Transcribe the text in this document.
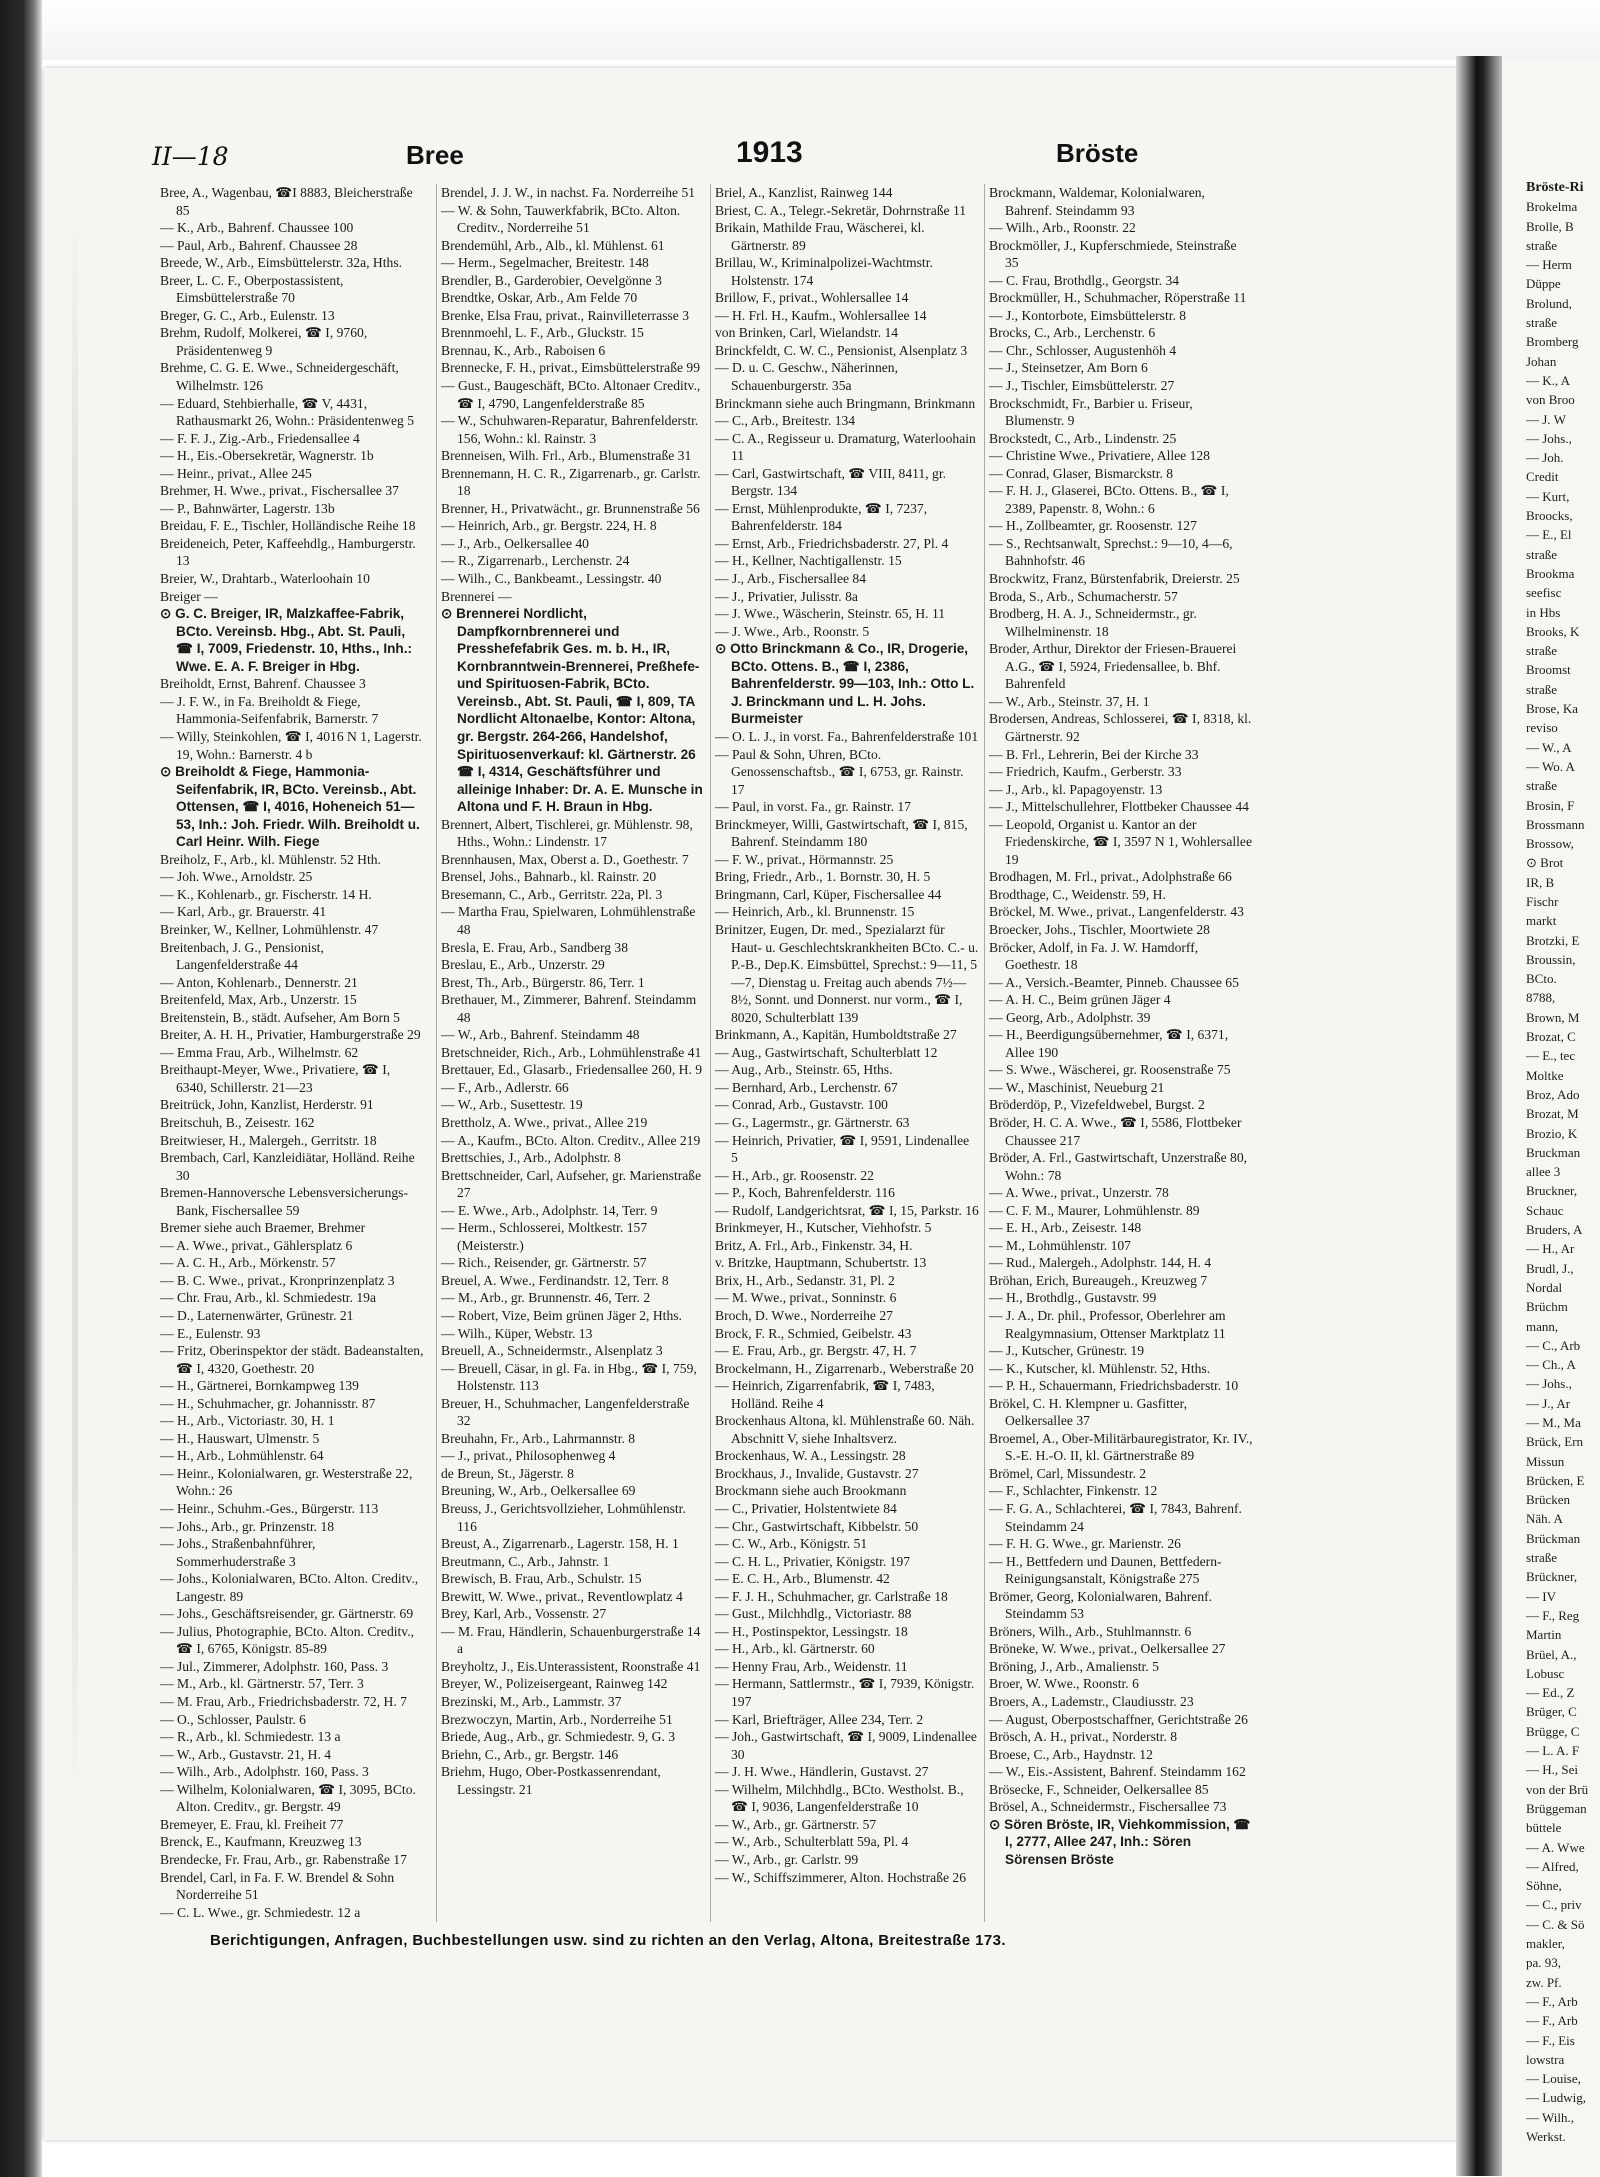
Bröste-Ri
Brokelma
Brolle, B
straße
— Herm
Düppe
Brolund,
straße
Bromberg
Johan
— K., A
von Broo
— J. W
— Johs.,
— Joh.
Credit
— Kurt,
Broocks,
— E., El
straße
Brookma
seefisc
in Hbs
Brooks, K
straße
Broomst
straße
Brose, Ka
reviso
— W., A
— Wo. A
straße
Brosin, F
Brossmann
Brossow,
⊙ Brot
IR, B
Fischr
markt
Brotzki, E
Broussin,
BCto.
8788,
Brown, M
Brozat, C
— E., tec
Moltke
Broz, Ado
Brozat, M
Brozio, K
Bruckman
allee 3
Bruckner,
Schauc
Bruders, A
— H., Ar
Brudl, J.,
Nordal
Brüchm
mann,
— C., Arb
— Ch., A
— Johs.,
— J., Ar
— M., Ma
Brück, Ern
Missun
Brücken, E
Brücken
Näh. A
Brückman
straße
Brückner,
— IV
— F., Reg
Martin
Brüel, A.,
Lobusc
— Ed., Z
Brüger, C
Brügge, C
— L. A. F
— H., Sei
von der Brü
Brüggeman
büttele
— A. Wwe
— Alfred,
Söhne,
— C., priv
— C. & Sö
makler,
pa. 93,
zw. Pf.
— F., Arb
— F., Arb
— F., Eis
lowstra
— Louise,
— Ludwig,
— Wilh.,
Werkst.
II—18	Bree	1913	Bröste
Bree, A., Wagenbau, ☎I 8883, Bleicherstraße 85
— K., Arb., Bahrenf. Chaussee 100
— Paul, Arb., Bahrenf. Chaussee 28
Breede, W., Arb., Eimsbüttelerstr. 32a, Hths.
Breer, L. C. F., Oberpostassistent, Eimsbüttelerstraße 70
Breger, G. C., Arb., Eulenstr. 13
Brehm, Rudolf, Molkerei, ☎ I, 9760, Präsidentenweg 9
Brehme, C. G. E. Wwe., Schneidergeschäft, Wilhelmstr. 126
— Eduard, Stehbierhalle, ☎ V, 4431, Rathausmarkt 26, Wohn.: Präsidentenweg 5
— F. F. J., Zig.-Arb., Friedensallee 4
— H., Eis.-Obersekretär, Wagnerstr. 1b
— Heinr., privat., Allee 245
Brehmer, H. Wwe., privat., Fischersallee 37
— P., Bahnwärter, Lagerstr. 13b
Breidau, F. E., Tischler, Holländische Reihe 18
Breideneich, Peter, Kaffeehdlg., Hamburgerstr. 13
Breier, W., Drahtarb., Waterloohain 10
Breiger —
⊙ G. C. Breiger, IR, Malzkaffee-Fabrik, BCto. Vereinsb. Hbg., Abt. St. Pauli, ☎ I, 7009, Friedenstr. 10, Hths., Inh.: Wwe. E. A. F. Breiger in Hbg.
Breiholdt, Ernst, Bahrenf. Chaussee 3
— J. F. W., in Fa. Breiholdt & Fiege, Hammonia-Seifenfabrik, Barnerstr. 7
— Willy, Steinkohlen, ☎ I, 4016 N 1, Lagerstr. 19, Wohn.: Barnerstr. 4 b
⊙ Breiholdt & Fiege, Hammonia-Seifenfabrik, IR, BCto. Vereinsb., Abt. Ottensen, ☎ I, 4016, Hoheneich 51—53, Inh.: Joh. Friedr. Wilh. Breiholdt u. Carl Heinr. Wilh. Fiege
Breiholz, F., Arb., kl. Mühlenstr. 52 Hth.
— Joh. Wwe., Arnoldstr. 25
— K., Kohlenarb., gr. Fischerstr. 14 H.
— Karl, Arb., gr. Brauerstr. 41
Breinker, W., Kellner, Lohmühlenstr. 47
Breitenbach, J. G., Pensionist, Langenfelderstraße 44
— Anton, Kohlenarb., Dennerstr. 21
Breitenfeld, Max, Arb., Unzerstr. 15
Breitenstein, B., städt. Aufseher, Am Born 5
Breiter, A. H. H., Privatier, Hamburgerstraße 29
— Emma Frau, Arb., Wilhelmstr. 62
Breithaupt-Meyer, Wwe., Privatiere, ☎ I, 6340, Schillerstr. 21—23
Breitrück, John, Kanzlist, Herderstr. 91
Breitschuh, B., Zeisestr. 162
Breitwieser, H., Malergeh., Gerritstr. 18
Brembach, Carl, Kanzleidiätar, Holländ. Reihe 30
Bremen-Hannoversche Lebensversicherungs-Bank, Fischersallee 59
Bremer siehe auch Braemer, Brehmer
— A. Wwe., privat., Gählersplatz 6
— A. C. H., Arb., Mörkenstr. 57
— B. C. Wwe., privat., Kronprinzenplatz 3
— Chr. Frau, Arb., kl. Schmiedestr. 19a
— D., Laternenwärter, Grünestr. 21
— E., Eulenstr. 93
— Fritz, Oberinspektor der städt. Badeanstalten, ☎ I, 4320, Goethestr. 20
— H., Gärtnerei, Bornkampweg 139
— H., Schuhmacher, gr. Johannisstr. 87
— H., Arb., Victoriastr. 30, H. 1
— H., Hauswart, Ulmenstr. 5
— H., Arb., Lohmühlenstr. 64
— Heinr., Kolonialwaren, gr. Westerstraße 22, Wohn.: 26
— Heinr., Schuhm.-Ges., Bürgerstr. 113
— Johs., Arb., gr. Prinzenstr. 18
— Johs., Straßenbahnführer, Sommerhuderstraße 3
— Johs., Kolonialwaren, BCto. Alton. Creditv., Langestr. 89
— Johs., Geschäftsreisender, gr. Gärtnerstr. 69
— Julius, Photographie, BCto. Alton. Creditv., ☎ I, 6765, Königstr. 85-89
— Jul., Zimmerer, Adolphstr. 160, Pass. 3
— M., Arb., kl. Gärtnerstr. 57, Terr. 3
— M. Frau, Arb., Friedrichsbaderstr. 72, H. 7
— O., Schlosser, Paulstr. 6
— R., Arb., kl. Schmiedestr. 13 a
— W., Arb., Gustavstr. 21, H. 4
— Wilh., Arb., Adolphstr. 160, Pass. 3
— Wilhelm, Kolonialwaren, ☎ I, 3095, BCto. Alton. Creditv., gr. Bergstr. 49
Bremeyer, E. Frau, kl. Freiheit 77
Brenck, E., Kaufmann, Kreuzweg 13
Brendecke, Fr. Frau, Arb., gr. Rabenstraße 17
Brendel, Carl, in Fa. F. W. Brendel & Sohn Norderreihe 51
— C. L. Wwe., gr. Schmiedestr. 12 a
Brendel, J. J. W., in nachst. Fa. Norderreihe 51
— W. & Sohn, Tauwerkfabrik, BCto. Alton. Creditv., Norderreihe 51
Brendemühl, Arb., Alb., kl. Mühlenst. 61
— Herm., Segelmacher, Breitestr. 148
Brendler, B., Garderobier, Oevelgönne 3
Brendtke, Oskar, Arb., Am Felde 70
Brenke, Elsa Frau, privat., Rainvilleterrasse 3
Brennmoehl, L. F., Arb., Gluckstr. 15
Brennau, K., Arb., Raboisen 6
Brennecke, F. H., privat., Eimsbüttelerstraße 99
— Gust., Baugeschäft, BCto. Altonaer Creditv., ☎ I, 4790, Langenfelderstraße 85
— W., Schuhwaren-Reparatur, Bahrenfelderstr. 156, Wohn.: kl. Rainstr. 3
Brenneisen, Wilh. Frl., Arb., Blumenstraße 31
Brennemann, H. C. R., Zigarrenarb., gr. Carlstr. 18
Brenner, H., Privatwächt., gr. Brunnenstraße 56
— Heinrich, Arb., gr. Bergstr. 224, H. 8
— J., Arb., Oelkersallee 40
— R., Zigarrenarb., Lerchenstr. 24
— Wilh., C., Bankbeamt., Lessingstr. 40
Brennerei —
⊙ Brennerei Nordlicht, Dampfkornbrennerei und Presshefefabrik Ges. m. b. H., IR, Kornbranntwein-Brennerei, Preßhefe- und Spirituosen-Fabrik, BCto. Vereinsb., Abt. St. Pauli, ☎ I, 809, TA Nordlicht Altonaelbe, Kontor: Altona, gr. Bergstr. 264-266, Handelshof, Spirituosenverkauf: kl. Gärtnerstr. 26 ☎ I, 4314, Geschäftsführer und alleinige Inhaber: Dr. A. E. Munsche in Altona und F. H. Braun in Hbg.
Brennert, Albert, Tischlerei, gr. Mühlenstr. 98, Hths., Wohn.: Lindenstr. 17
Brennhausen, Max, Oberst a. D., Goethestr. 7
Brensel, Johs., Bahnarb., kl. Rainstr. 20
Bresemann, C., Arb., Gerritstr. 22a, Pl. 3
— Martha Frau, Spielwaren, Lohmühlenstraße 48
Bresla, E. Frau, Arb., Sandberg 38
Breslau, E., Arb., Unzerstr. 29
Brest, Th., Arb., Bürgerstr. 86, Terr. 1
Brethauer, M., Zimmerer, Bahrenf. Steindamm 48
— W., Arb., Bahrenf. Steindamm 48
Bretschneider, Rich., Arb., Lohmühlenstraße 41
Brettauer, Ed., Glasarb., Friedensallee 260, H. 9
— F., Arb., Adlerstr. 66
— W., Arb., Susettestr. 19
Brettholz, A. Wwe., privat., Allee 219
— A., Kaufm., BCto. Alton. Creditv., Allee 219
Brettschies, J., Arb., Adolphstr. 8
Brettschneider, Carl, Aufseher, gr. Marienstraße 27
— E. Wwe., Arb., Adolphstr. 14, Terr. 9
— Herm., Schlosserei, Moltkestr. 157 (Meisterstr.)
— Rich., Reisender, gr. Gärtnerstr. 57
Breuel, A. Wwe., Ferdinandstr. 12, Terr. 8
— M., Arb., gr. Brunnenstr. 46, Terr. 2
— Robert, Vize, Beim grünen Jäger 2, Hths.
— Wilh., Küper, Webstr. 13
Breuell, A., Schneidermstr., Alsenplatz 3
— Breuell, Cäsar, in gl. Fa. in Hbg., ☎ I, 759, Holstenstr. 113
Breuer, H., Schuhmacher, Langenfelderstraße 32
Breuhahn, Fr., Arb., Lahrmannstr. 8
— J., privat., Philosophenweg 4
de Breun, St., Jägerstr. 8
Breuning, W., Arb., Oelkersallee 69
Breuss, J., Gerichtsvollzieher, Lohmühlenstr. 116
Breust, A., Zigarrenarb., Lagerstr. 158, H. 1
Breutmann, C., Arb., Jahnstr. 1
Brewisch, B. Frau, Arb., Schulstr. 15
Brewitt, W. Wwe., privat., Reventlowplatz 4
Brey, Karl, Arb., Vossenstr. 27
— M. Frau, Händlerin, Schauenburgerstraße 14 a
Breyholtz, J., Eis.Unterassistent, Roonstraße 41
Breyer, W., Polizeisergeant, Rainweg 142
Brezinski, M., Arb., Lammstr. 37
Brezwoczyn, Martin, Arb., Norderreihe 51
Briede, Aug., Arb., gr. Schmiedestr. 9, G. 3
Briehn, C., Arb., gr. Bergstr. 146
Briehm, Hugo, Ober-Postkassenrendant, Lessingstr. 21
Briel, A., Kanzlist, Rainweg 144
Briest, C. A., Telegr.-Sekretär, Dohrnstraße 11
Brikain, Mathilde Frau, Wäscherei, kl. Gärtnerstr. 89
Brillau, W., Kriminalpolizei-Wachtmstr. Holstenstr. 174
Brillow, F., privat., Wohlersallee 14
— H. Frl. H., Kaufm., Wohlersallee 14
von Brinken, Carl, Wielandstr. 14
Brinckfeldt, C. W. C., Pensionist, Alsenplatz 3
— D. u. C. Geschw., Näherinnen, Schauenburgerstr. 35a
Brinckmann siehe auch Bringmann, Brinkmann
— C., Arb., Breitestr. 134
— C. A., Regisseur u. Dramaturg, Waterloohain 11
— Carl, Gastwirtschaft, ☎ VIII, 8411, gr. Bergstr. 134
— Ernst, Mühlenprodukte, ☎ I, 7237, Bahrenfelderstr. 184
— Ernst, Arb., Friedrichsbaderstr. 27, Pl. 4
— H., Kellner, Nachtigallenstr. 15
— J., Arb., Fischersallee 84
— J., Privatier, Julisstr. 8a
— J. Wwe., Wäscherin, Steinstr. 65, H. 11
— J. Wwe., Arb., Roonstr. 5
⊙ Otto Brinckmann & Co., IR, Drogerie, BCto. Ottens. B., ☎ I, 2386, Bahrenfelderstr. 99—103, Inh.: Otto L. J. Brinckmann und L. H. Johs. Burmeister
— O. L. J., in vorst. Fa., Bahrenfelderstraße 101
— Paul & Sohn, Uhren, BCto. Genossenschaftsb., ☎ I, 6753, gr. Rainstr. 17
— Paul, in vorst. Fa., gr. Rainstr. 17
Brinckmeyer, Willi, Gastwirtschaft, ☎ I, 815, Bahrenf. Steindamm 180
— F. W., privat., Hörmannstr. 25
Bring, Friedr., Arb., 1. Bornstr. 30, H. 5
Bringmann, Carl, Küper, Fischersallee 44
— Heinrich, Arb., kl. Brunnenstr. 15
Brinitzer, Eugen, Dr. med., Spezialarzt für Haut- u. Geschlechtskrankheiten BCto. C.- u. P.-B., Dep.K. Eimsbüttel, Sprechst.: 9—11, 5—7, Dienstag u. Freitag auch abends 7½—8½, Sonnt. und Donnerst. nur vorm., ☎ I, 8020, Schulterblatt 139
Brinkmann, A., Kapitän, Humboldtstraße 27
— Aug., Gastwirtschaft, Schulterblatt 12
— Aug., Arb., Steinstr. 65, Hths.
— Bernhard, Arb., Lerchenstr. 67
— Conrad, Arb., Gustavstr. 100
— G., Lagermstr., gr. Gärtnerstr. 63
— Heinrich, Privatier, ☎ I, 9591, Lindenallee 5
— H., Arb., gr. Roosenstr. 22
— P., Koch, Bahrenfelderstr. 116
— Rudolf, Landgerichtsrat, ☎ I, 15, Parkstr. 16
Brinkmeyer, H., Kutscher, Viehhofstr. 5
Britz, A. Frl., Arb., Finkenstr. 34, H.
v. Britzke, Hauptmann, Schubertstr. 13
Brix, H., Arb., Sedanstr. 31, Pl. 2
— M. Wwe., privat., Sonninstr. 6
Broch, D. Wwe., Norderreihe 27
Brock, F. R., Schmied, Geibelstr. 43
— E. Frau, Arb., gr. Bergstr. 47, H. 7
Brockelmann, H., Zigarrenarb., Weberstraße 20
— Heinrich, Zigarrenfabrik, ☎ I, 7483, Holländ. Reihe 4
Brockenhaus Altona, kl. Mühlenstraße 60. Näh. Abschnitt V, siehe Inhaltsverz.
Brockenhaus, W. A., Lessingstr. 28
Brockhaus, J., Invalide, Gustavstr. 27
Brockmann siehe auch Brookmann
— C., Privatier, Holstentwiete 84
— Chr., Gastwirtschaft, Kibbelstr. 50
— C. W., Arb., Königstr. 51
— C. H. L., Privatier, Königstr. 197
— E. C. H., Arb., Blumenstr. 42
— F. J. H., Schuhmacher, gr. Carlstraße 18
— Gust., Milchhdlg., Victoriastr. 88
— H., Postinspektor, Lessingstr. 18
— H., Arb., kl. Gärtnerstr. 60
— Henny Frau, Arb., Weidenstr. 11
— Hermann, Sattlermstr., ☎ I, 7939, Königstr. 197
— Karl, Briefträger, Allee 234, Terr. 2
— Joh., Gastwirtschaft, ☎ I, 9009, Lindenallee 30
— J. H. Wwe., Händlerin, Gustavst. 27
— Wilhelm, Milchhdlg., BCto. Westholst. B., ☎ I, 9036, Langenfelderstraße 10
— W., Arb., gr. Gärtnerstr. 57
— W., Arb., Schulterblatt 59a, Pl. 4
— W., Arb., gr. Carlstr. 99
— W., Schiffszimmerer, Alton. Hochstraße 26
Brockmann, Waldemar, Kolonialwaren, Bahrenf. Steindamm 93
— Wilh., Arb., Roonstr. 22
Brockmöller, J., Kupferschmiede, Steinstraße 35
— C. Frau, Brothdlg., Georgstr. 34
Brockmüller, H., Schuhmacher, Röperstraße 11
— J., Kontorbote, Eimsbüttelerstr. 8
Brocks, C., Arb., Lerchenstr. 6
— Chr., Schlosser, Augustenhöh 4
— J., Steinsetzer, Am Born 6
— J., Tischler, Eimsbüttelerstr. 27
Brockschmidt, Fr., Barbier u. Friseur, Blumenstr. 9
Brockstedt, C., Arb., Lindenstr. 25
— Christine Wwe., Privatiere, Allee 128
— Conrad, Glaser, Bismarckstr. 8
— F. H. J., Glaserei, BCto. Ottens. B., ☎ I, 2389, Papenstr. 8, Wohn.: 6
— H., Zollbeamter, gr. Roosenstr. 127
— S., Rechtsanwalt, Sprechst.: 9—10, 4—6, Bahnhofstr. 46
Brockwitz, Franz, Bürstenfabrik, Dreierstr. 25
Broda, S., Arb., Schumacherstr. 57
Brodberg, H. A. J., Schneidermstr., gr. Wilhelminenstr. 18
Broder, Arthur, Direktor der Friesen-Brauerei A.G., ☎ I, 5924, Friedensallee, b. Bhf. Bahrenfeld
— W., Arb., Steinstr. 37, H. 1
Brodersen, Andreas, Schlosserei, ☎ I, 8318, kl. Gärtnerstr. 92
— B. Frl., Lehrerin, Bei der Kirche 33
— Friedrich, Kaufm., Gerberstr. 33
— J., Arb., kl. Papagoyenstr. 13
— J., Mittelschullehrer, Flottbeker Chaussee 44
— Leopold, Organist u. Kantor an der Friedenskirche, ☎ I, 3597 N 1, Wohlersallee 19
Brodhagen, M. Frl., privat., Adolphstraße 66
Brodthage, C., Weidenstr. 59, H.
Bröckel, M. Wwe., privat., Langenfelderstr. 43
Broecker, Johs., Tischler, Moortwiete 28
Bröcker, Adolf, in Fa. J. W. Hamdorff, Goethestr. 18
— A., Versich.-Beamter, Pinneb. Chaussee 65
— A. H. C., Beim grünen Jäger 4
— Georg, Arb., Adolphstr. 39
— H., Beerdigungsübernehmer, ☎ I, 6371, Allee 190
— S. Wwe., Wäscherei, gr. Roosenstraße 75
— W., Maschinist, Neueburg 21
Bröderdöp, P., Vizefeldwebel, Burgst. 2
Bröder, H. C. A. Wwe., ☎ I, 5586, Flottbeker Chaussee 217
Bröder, A. Frl., Gastwirtschaft, Unzerstraße 80, Wohn.: 78
— A. Wwe., privat., Unzerstr. 78
— C. F. M., Maurer, Lohmühlenstr. 89
— E. H., Arb., Zeisestr. 148
— M., Lohmühlenstr. 107
— Rud., Malergeh., Adolphstr. 144, H. 4
Bröhan, Erich, Bureaugeh., Kreuzweg 7
— H., Brothdlg., Gustavstr. 99
— J. A., Dr. phil., Professor, Oberlehrer am Realgymnasium, Ottenser Marktplatz 11
— J., Kutscher, Grünestr. 19
— K., Kutscher, kl. Mühlenstr. 52, Hths.
— P. H., Schauermann, Friedrichsbaderstr. 10
Brökel, C. H. Klempner u. Gasfitter, Oelkersallee 37
Broemel, A., Ober-Militärbauregistrator, Kr. IV., S.-E. H.-O. II, kl. Gärtnerstraße 89
Brömel, Carl, Missundestr. 2
— F., Schlachter, Finkenstr. 12
— F. G. A., Schlachterei, ☎ I, 7843, Bahrenf. Steindamm 24
— F. H. G. Wwe., gr. Marienstr. 26
— H., Bettfedern und Daunen, Bettfedern-Reinigungsanstalt, Königstraße 275
Brömer, Georg, Kolonialwaren, Bahrenf. Steindamm 53
Bröners, Wilh., Arb., Stuhlmannstr. 6
Bröneke, W. Wwe., privat., Oelkersallee 27
Bröning, J., Arb., Amalienstr. 5
Broer, W. Wwe., Roonstr. 6
Broers, A., Lademstr., Claudiusstr. 23
— August, Oberpostschaffner, Gerichtstraße 26
Brösch, A. H., privat., Norderstr. 8
Broese, C., Arb., Haydnstr. 12
— W., Eis.-Assistent, Bahrenf. Steindamm 162
Brösecke, F., Schneider, Oelkersallee 85
Brösel, A., Schneidermstr., Fischersallee 73
⊙ Sören Bröste, IR, Viehkommission, ☎ I, 2777, Allee 247, Inh.: Sören Sörensen Bröste
Berichtigungen, Anfragen, Buchbestellungen usw. sind zu richten an den Verlag, Altona, Breitestraße 173.
